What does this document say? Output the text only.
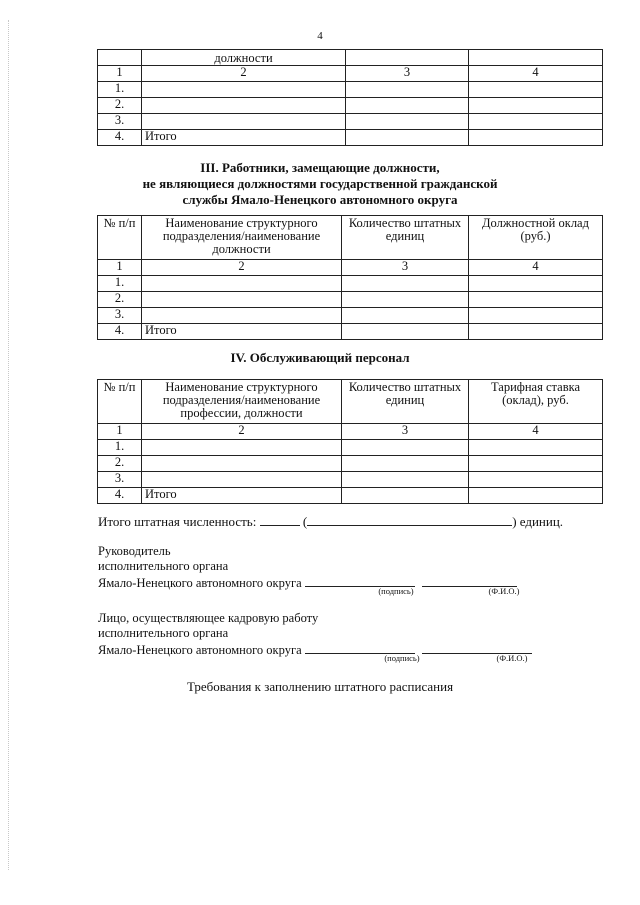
4
	должности		
1	2	3	4
1.			
2.			
3.			
4.	Итого		
III. Работники, замещающие должности,
не являющиеся должностями государственной гражданской
службы Ямало-Ненецкого автономного округа
№ п/п	Наименование структурного подразделения/наименование должности	Количество штатных единиц	Должностной оклад (руб.)
1	2	3	4
1.			
2.			
3.			
4.	Итого		
IV. Обслуживающий персонал
№ п/п	Наименование структурного подразделения/наименование профессии, должности	Количество штатных единиц	Тарифная ставка (оклад), руб.
1	2	3	4
1.			
2.			
3.			
4.	Итого		
Итого штатная численность:	(	) единиц.
Руководитель
исполнительного органа
Ямало-Ненецкого автономного округа
(подпись)	(Ф.И.О.)
Лицо, осуществляющее кадровую работу
исполнительного органа
Ямало-Ненецкого автономного округа
(подпись)	(Ф.И.О.)
Требования к заполнению штатного расписания
